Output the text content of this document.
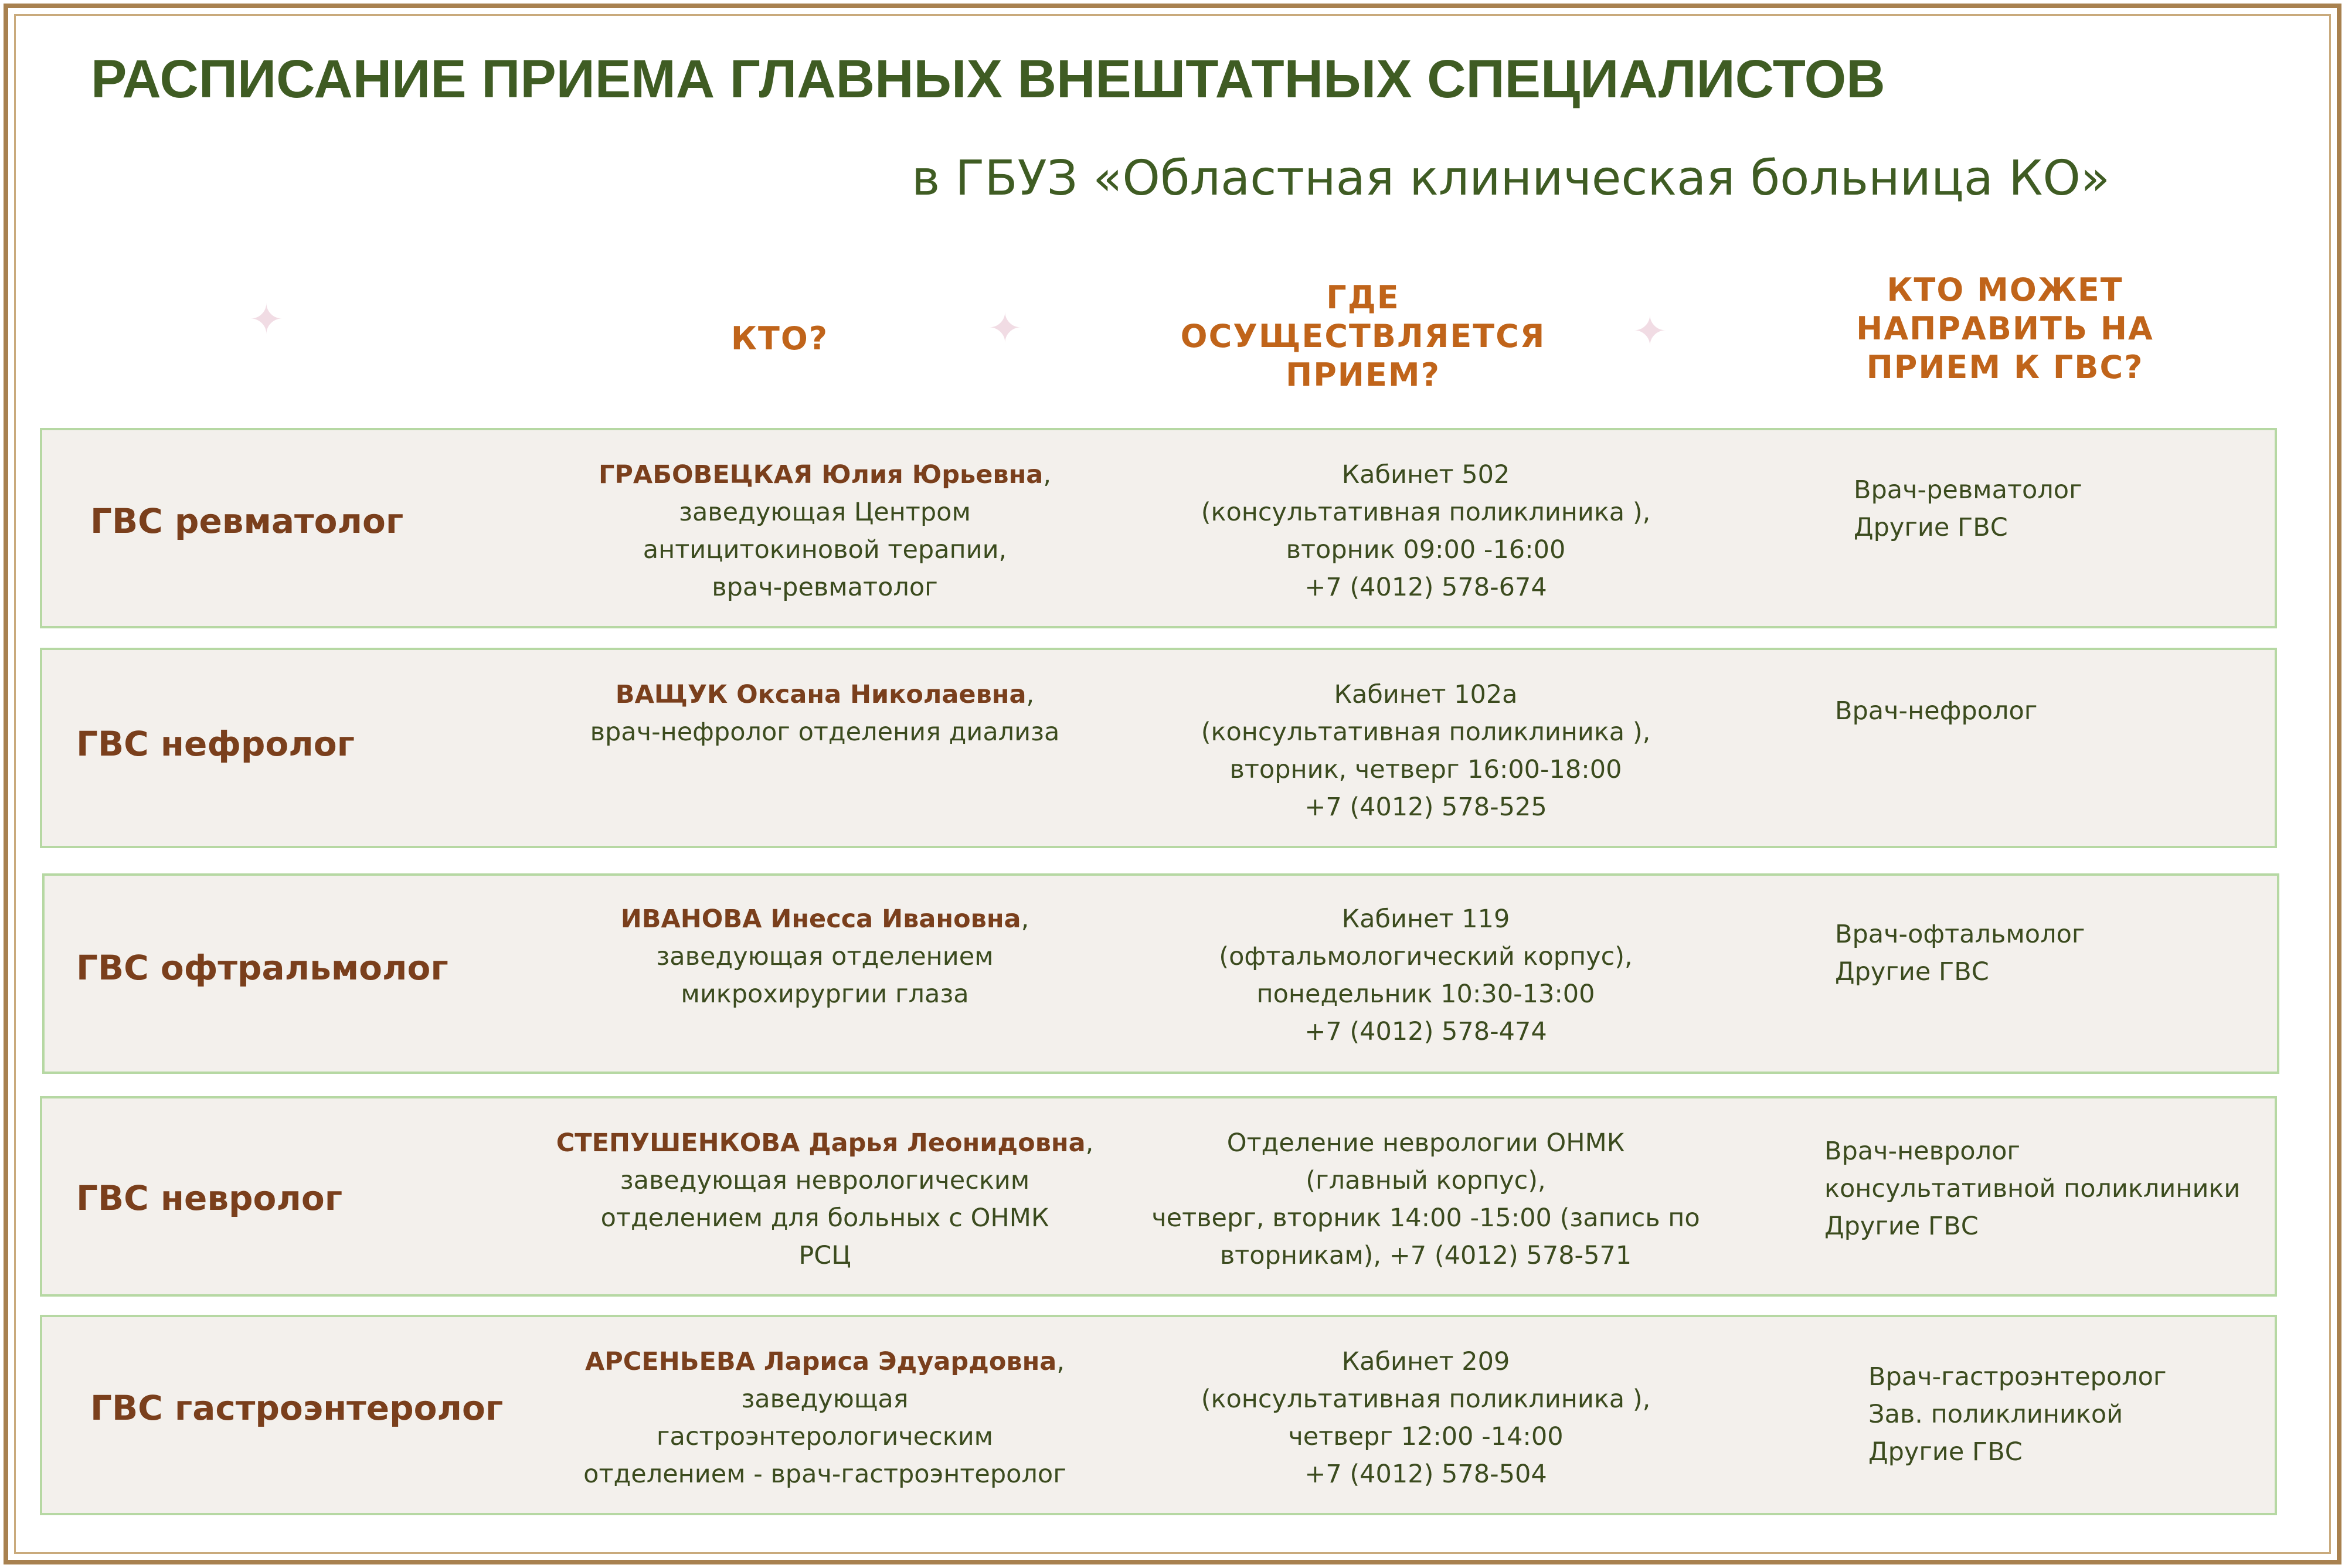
РАСПИСАНИЕ ПРИЕМА ГЛАВНЫХ ВНЕШТАТНЫХ СПЕЦИАЛИСТОВ
в ГБУЗ «Областная клиническая больница КО»
✦	✦	✦
КТО?
ГДЕ
ОСУЩЕСТВЛЯЕТСЯ
ПРИЕМ?
КТО МОЖЕТ
НАПРАВИТЬ НА
ПРИЕМ К ГВС?
ГВС ревматолог
ГРАБОВЕЦКАЯ Юлия Юрьевна,
заведующая Центром
антицитокиновой терапии,
врач-ревматолог
Кабинет 502
(консультативная поликлиника ),
вторник 09:00 -16:00
+7 (4012) 578-674
Врач-ревматолог
Другие ГВС
ГВС нефролог
ВАЩУК Оксана Николаевна,
врач-нефролог отделения диализа
Кабинет 102а
(консультативная поликлиника ),
вторник, четверг 16:00-18:00
+7 (4012) 578-525
Врач-нефролог
ГВС офтральмолог
ИВАНОВА Инесса Ивановна,
заведующая отделением
микрохирургии глаза
Кабинет 119
(офтальмологический корпус),
понедельник 10:30-13:00
+7 (4012) 578-474
Врач-офтальмолог
Другие ГВС
ГВС невролог
СТЕПУШЕНКОВА Дарья Леонидовна,
заведующая неврологическим
отделением для больных с ОНМК
РСЦ
Отделение неврологии ОНМК
(главный корпус),
четверг, вторник 14:00 -15:00 (запись по
вторникам), +7 (4012) 578-571
Врач-невролог
консультативной поликлиники
Другие ГВС
ГВС гастроэнтеролог
АРСЕНЬЕВА Лариса Эдуардовна,
заведующая
гастроэнтерологическим
отделением - врач-гастроэнтеролог
Кабинет 209
(консультативная поликлиника ),
четверг 12:00 -14:00
+7 (4012) 578-504
Врач-гастроэнтеролог
Зав. поликлиникой
Другие ГВС
